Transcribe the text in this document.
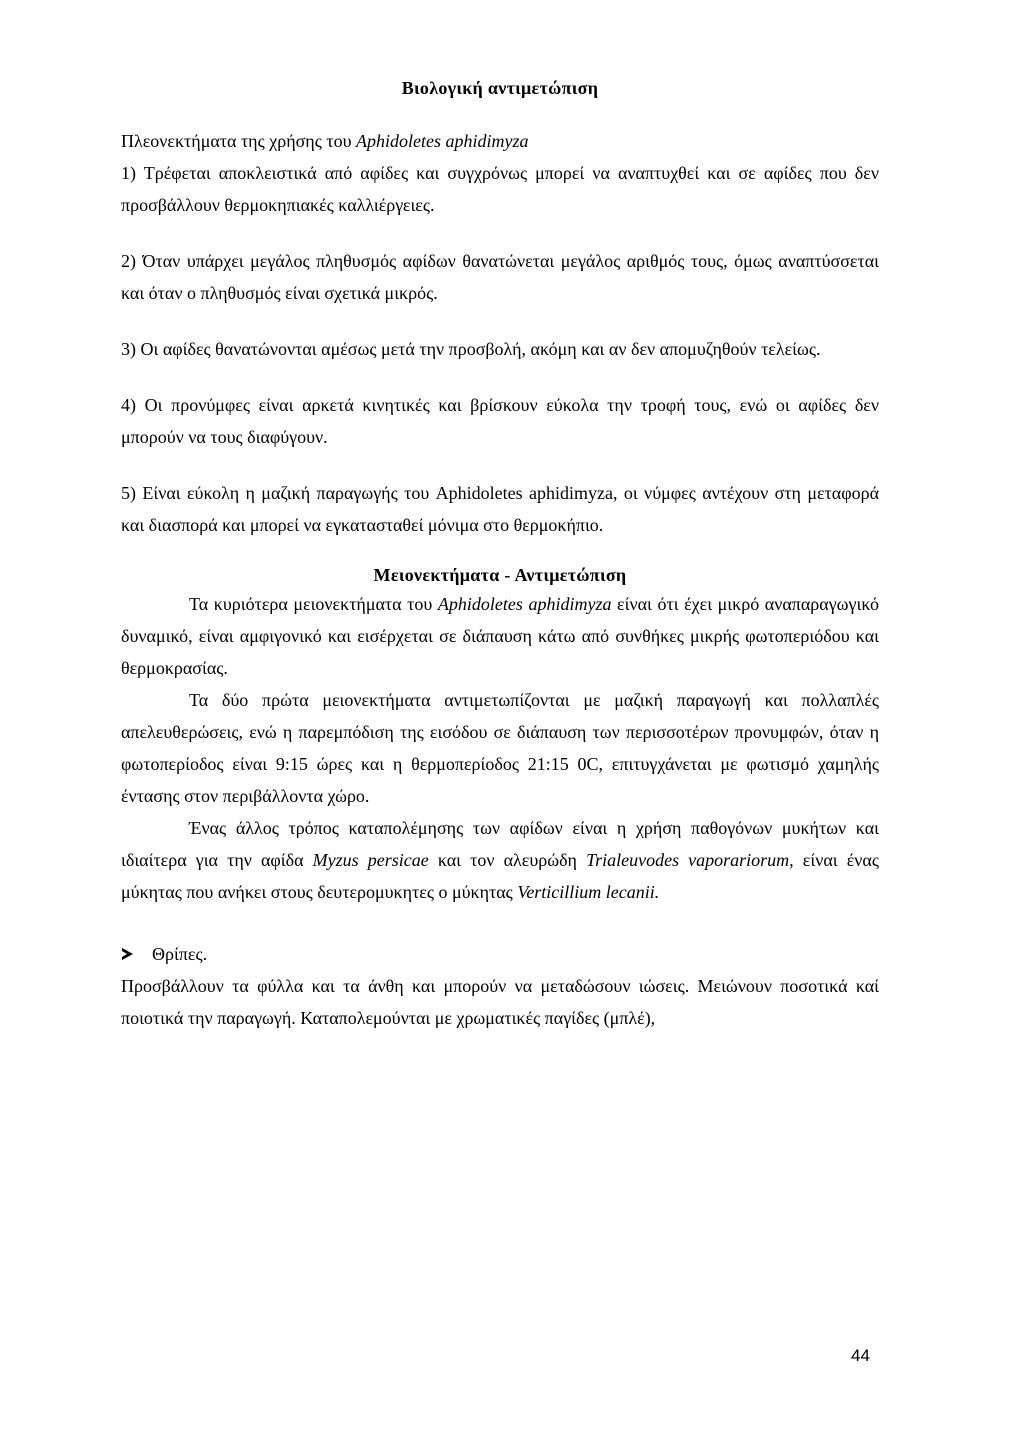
Βιολογική αντιμετώπιση

Πλεονεκτήματα της χρήσης του Aphidoletes aphidimyza

1) Τρέφεται αποκλειστικά από αφίδες και συγχρόνως μπορεί να αναπτυχθεί και σε αφίδες που δεν προσβάλλουν θερμοκηπιακές καλλιέργειες.

2) Όταν υπάρχει μεγάλος πληθυσμός αφίδων θανατώνεται μεγάλος αριθμός τους, όμως αναπτύσσεται και όταν ο πληθυσμός είναι σχετικά μικρός.

3) Οι αφίδες θανατώνονται αμέσως μετά την προσβολή, ακόμη και αν δεν απομυζηθούν τελείως.

4) Οι προνύμφες είναι αρκετά κινητικές και βρίσκουν εύκολα την τροφή τους, ενώ οι αφίδες δεν μπορούν να τους διαφύγουν.

5) Είναι εύκολη η μαζική παραγωγής του Aphidoletes aphidimyza, οι νύμφες αντέχουν στη μεταφορά και διασπορά και μπορεί να εγκατασταθεί μόνιμα στο θερμοκήπιο.

Μειονεκτήματα - Αντιμετώπιση

Τα κυριότερα μειονεκτήματα του Aphidoletes aphidimyza είναι ότι έχει μικρό αναπαραγωγικό δυναμικό, είναι αμφιγονικό και εισέρχεται σε διάπαυση κάτω από συνθήκες μικρής φωτοπεριόδου και θερμοκρασίας.

Τα δύο πρώτα μειονεκτήματα αντιμετωπίζονται με μαζική παραγωγή και πολλαπλές απελευθερώσεις, ενώ η παρεμπόδιση της εισόδου σε διάπαυση των περισσοτέρων προνυμφών, όταν η φωτοπερίοδος είναι 9:15 ώρες και η θερμοπερίοδος 21:15 0C, επιτυγχάνεται με φωτισμό χαμηλής έντασης στον περιβάλλοντα χώρο.

Ένας άλλος τρόπος καταπολέμησης των αφίδων είναι η χρήση παθογόνων μυκήτων και ιδιαίτερα για την αφίδα Myzus persicae και τον αλευρώδη Trialeuvodes vaporariorum, είναι ένας μύκητας που ανήκει στους δευτερομυκητες ο μύκητας Verticillium lecanii.

Θρίπες.

Προσβάλλουν τα φύλλα και τα άνθη και μπορούν να μεταδώσουν ιώσεις. Μειώνουν ποσοτικά καί ποιοτικά την παραγωγή. Καταπολεμούνται με χρωματικές παγίδες (μπλέ),

44
